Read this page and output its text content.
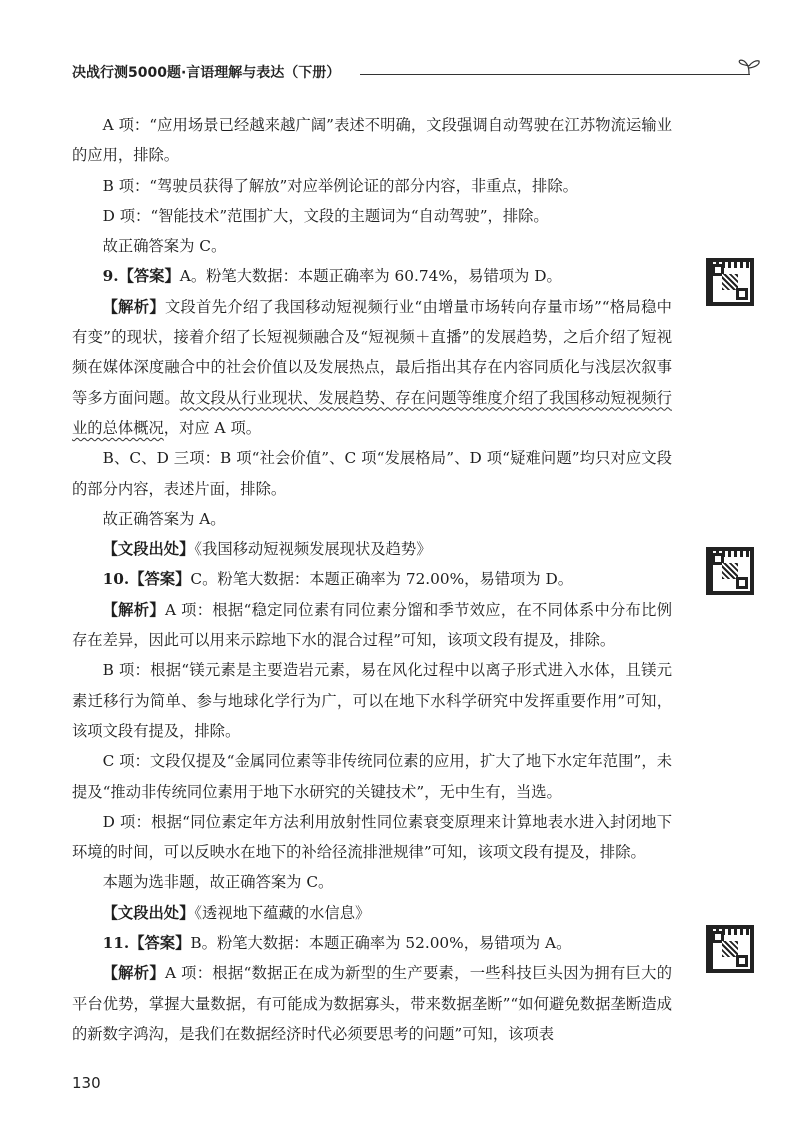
决战行测5000题·言语理解与表达（下册）

A 项：“应用场景已经越来越广阔”表述不明确，文段强调自动驾驶在江苏物流运输业的应用，排除。

B 项：“驾驶员获得了解放”对应举例论证的部分内容，非重点，排除。

D 项：“智能技术”范围扩大，文段的主题词为“自动驾驶”，排除。

故正确答案为 C。

9.【答案】A。粉笔大数据：本题正确率为 60.74%，易错项为 D。

【解析】文段首先介绍了我国移动短视频行业“由增量市场转向存量市场”“格局稳中有变”的现状，接着介绍了长短视频融合及“短视频＋直播”的发展趋势，之后介绍了短视频在媒体深度融合中的社会价值以及发展热点，最后指出其存在内容同质化与浅层次叙事等多方面问题。故文段从行业现状、发展趋势、存在问题等维度介绍了我国移动短视频行业的总体概况，对应 A 项。

B、C、D 三项：B 项“社会价值”、C 项“发展格局”、D 项“疑难问题”均只对应文段的部分内容，表述片面，排除。

故正确答案为 A。

【文段出处】《我国移动短视频发展现状及趋势》

10.【答案】C。粉笔大数据：本题正确率为 72.00%，易错项为 D。

【解析】A 项：根据“稳定同位素有同位素分馏和季节效应，在不同体系中分布比例存在差异，因此可以用来示踪地下水的混合过程”可知，该项文段有提及，排除。

B 项：根据“镁元素是主要造岩元素，易在风化过程中以离子形式进入水体，且镁元素迁移行为简单、参与地球化学行为广，可以在地下水科学研究中发挥重要作用”可知，该项文段有提及，排除。

C 项：文段仅提及“金属同位素等非传统同位素的应用，扩大了地下水定年范围”，未提及“推动非传统同位素用于地下水研究的关键技术”，无中生有，当选。

D 项：根据“同位素定年方法利用放射性同位素衰变原理来计算地表水进入封闭地下环境的时间，可以反映水在地下的补给径流排泄规律”可知，该项文段有提及，排除。

本题为选非题，故正确答案为 C。

【文段出处】《透视地下蕴藏的水信息》

11.【答案】B。粉笔大数据：本题正确率为 52.00%，易错项为 A。

【解析】A 项：根据“数据正在成为新型的生产要素，一些科技巨头因为拥有巨大的平台优势，掌握大量数据，有可能成为数据寡头，带来数据垄断”“如何避免数据垄断造成的新数字鸿沟，是我们在数据经济时代必须要思考的问题”可知，该项表

130
